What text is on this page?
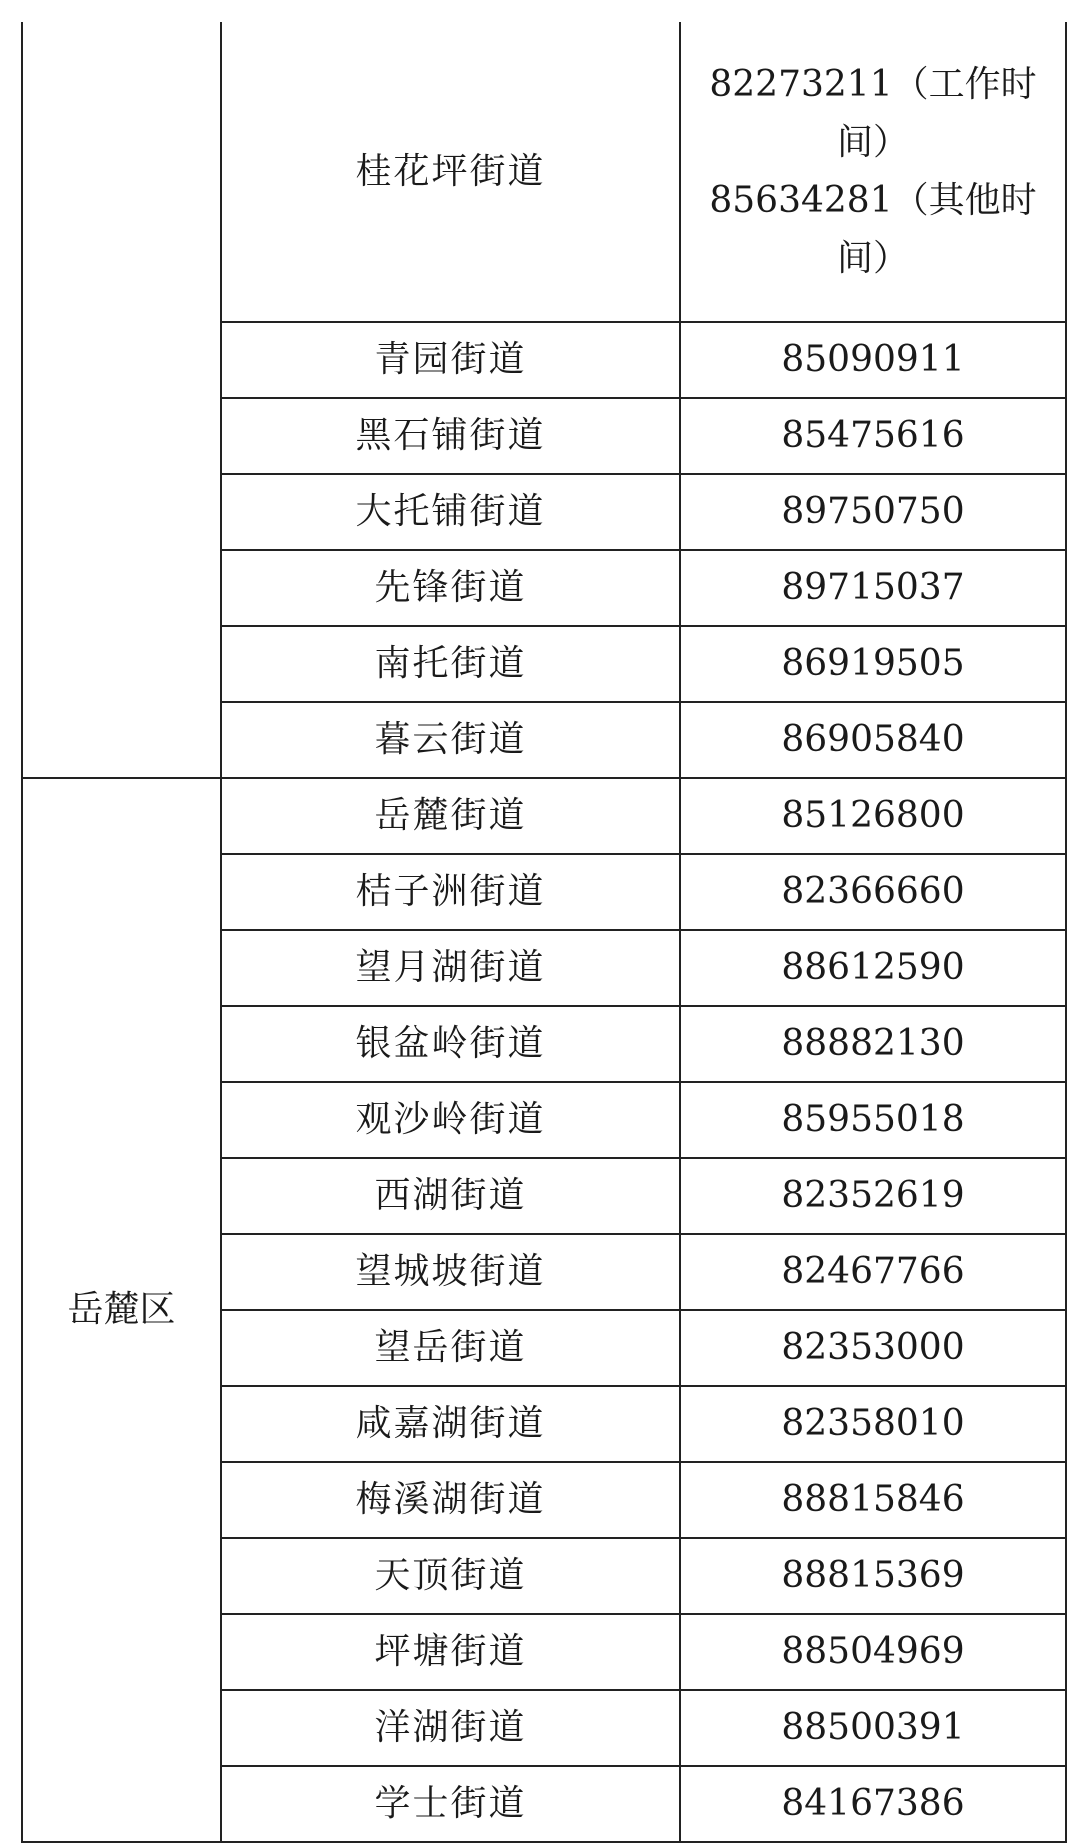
	桂花坪街道	82273211（工作时
间）
85634281（其他时
间）

	青园街道	85090911
	黑石铺街道	85475616
	大托铺街道	89750750
	先锋街道	89715037
	南托街道	86919505
	暮云街道	86905840
岳麓区	岳麓街道	85126800
	桔子洲街道	82366660
	望月湖街道	88612590
	银盆岭街道	88882130
	观沙岭街道	85955018
	西湖街道	82352619
	望城坡街道	82467766
	望岳街道	82353000
	咸嘉湖街道	82358010
	梅溪湖街道	88815846
	天顶街道	88815369
	坪塘街道	88504969
	洋湖街道	88500391
	学士街道	84167386
